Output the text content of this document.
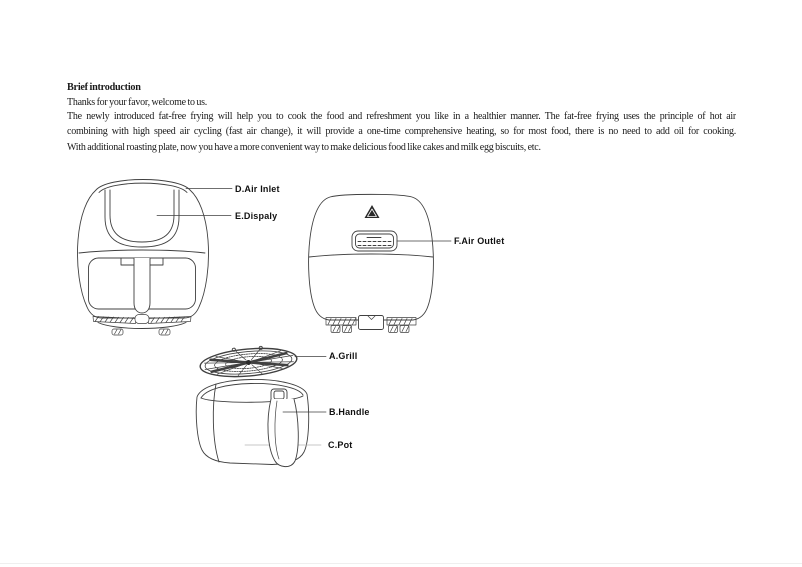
Brief introduction

Thanks for your favor, welcome to us.

The newly introduced fat-free frying will help you to cook the food and refreshment you like in a healthier manner. The fat-free frying uses the principle of hot air
combining with high speed air cycling (fast air change), it will provide a one-time comprehensive heating, so for most food, there is no need to add oil for cooking.

With additional roasting plate, now you have a more convenient way to make delicious food like cakes and milk egg biscuits, etc.

D.Air Inlet
E.Dispaly
F.Air Outlet
A.Grill
B.Handle
C.Pot
